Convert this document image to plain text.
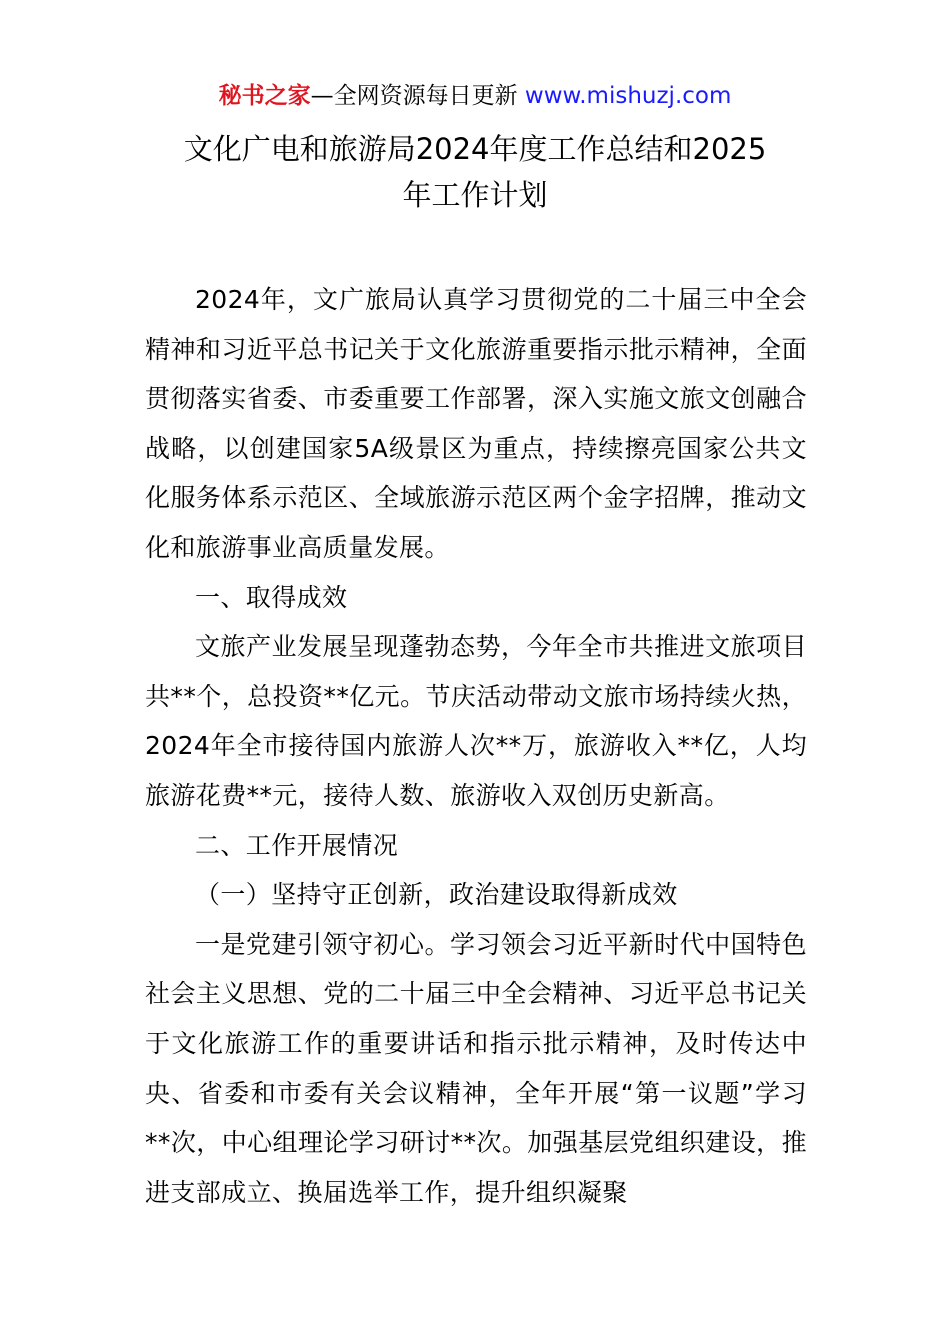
秘书之家—全网资源每日更新 www.mishuzj.com
文化广电和旅游局2024年度工作总结和2025
年工作计划

2024年，文广旅局认真学习贯彻党的二十届三中全会精神和习近平总书记关于文化旅游重要指示批示精神，全面贯彻落实省委、市委重要工作部署，深入实施文旅文创融合战略，以创建国家5A级景区为重点，持续擦亮国家公共文化服务体系示范区、全域旅游示范区两个金字招牌，推动文化和旅游事业高质量发展。

一、取得成效

文旅产业发展呈现蓬勃态势，今年全市共推进文旅项目共**个，总投资**亿元。节庆活动带动文旅市场持续火热，2024年全市接待国内旅游人次**万，旅游收入**亿，人均旅游花费**元，接待人数、旅游收入双创历史新高。

二、工作开展情况

（一）坚持守正创新，政治建设取得新成效

一是党建引领守初心。学习领会习近平新时代中国特色社会主义思想、党的二十届三中全会精神、习近平总书记关于文化旅游工作的重要讲话和指示批示精神，及时传达中央、省委和市委有关会议精神，全年开展“第一议题”学习**次，中心组理论学习研讨**次。加强基层党组织建设，推进支部成立、换届选举工作，提升组织凝聚
